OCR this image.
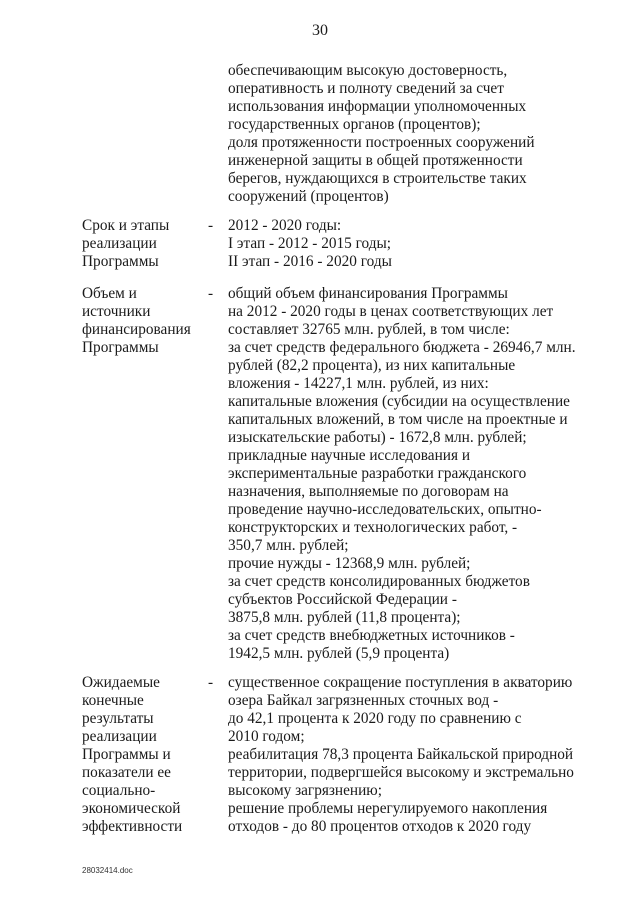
30
обеспечивающим высокую достоверность,
оперативность и полноту сведений за счет
использования информации уполномоченных
государственных органов (процентов);
доля протяженности построенных сооружений
инженерной защиты в общей протяженности
берегов, нуждающихся в строительстве таких
сооружений (процентов)
Срок и этапы
реализации
Программы
- 2012 - 2020 годы:
I этап - 2012 - 2015 годы;
II этап - 2016 - 2020 годы
Объем и
источники
финансирования
Программы
- общий объем финансирования Программы
на 2012 - 2020 годы в ценах соответствующих лет
составляет 32765 млн. рублей, в том числе:
за счет средств федерального бюджета - 26946,7 млн.
рублей (82,2 процента), из них капитальные
вложения - 14227,1 млн. рублей, из них:
капитальные вложения (субсидии на осуществление
капитальных вложений, в том числе на проектные и
изыскательские работы) - 1672,8 млн. рублей;
прикладные научные исследования и
экспериментальные разработки гражданского
назначения, выполняемые по договорам на
проведение научно-исследовательских, опытно-
конструкторских и технологических работ, -
350,7 млн. рублей;
прочие нужды - 12368,9 млн. рублей;
за счет средств консолидированных бюджетов
субъектов Российской Федерации -
3875,8 млн. рублей (11,8 процента);
за счет средств внебюджетных источников -
1942,5 млн. рублей (5,9 процента)
Ожидаемые
конечные
результаты
реализации
Программы и
показатели ее
социально-
экономической
эффективности
- существенное сокращение поступления в акваторию
озера Байкал загрязненных сточных вод -
до 42,1 процента к 2020 году по сравнению с
2010 годом;
реабилитация 78,3 процента Байкальской природной
территории, подвергшейся высокому и экстремально
высокому загрязнению;
решение проблемы нерегулируемого накопления
отходов - до 80 процентов отходов к 2020 году
28032414.doc
